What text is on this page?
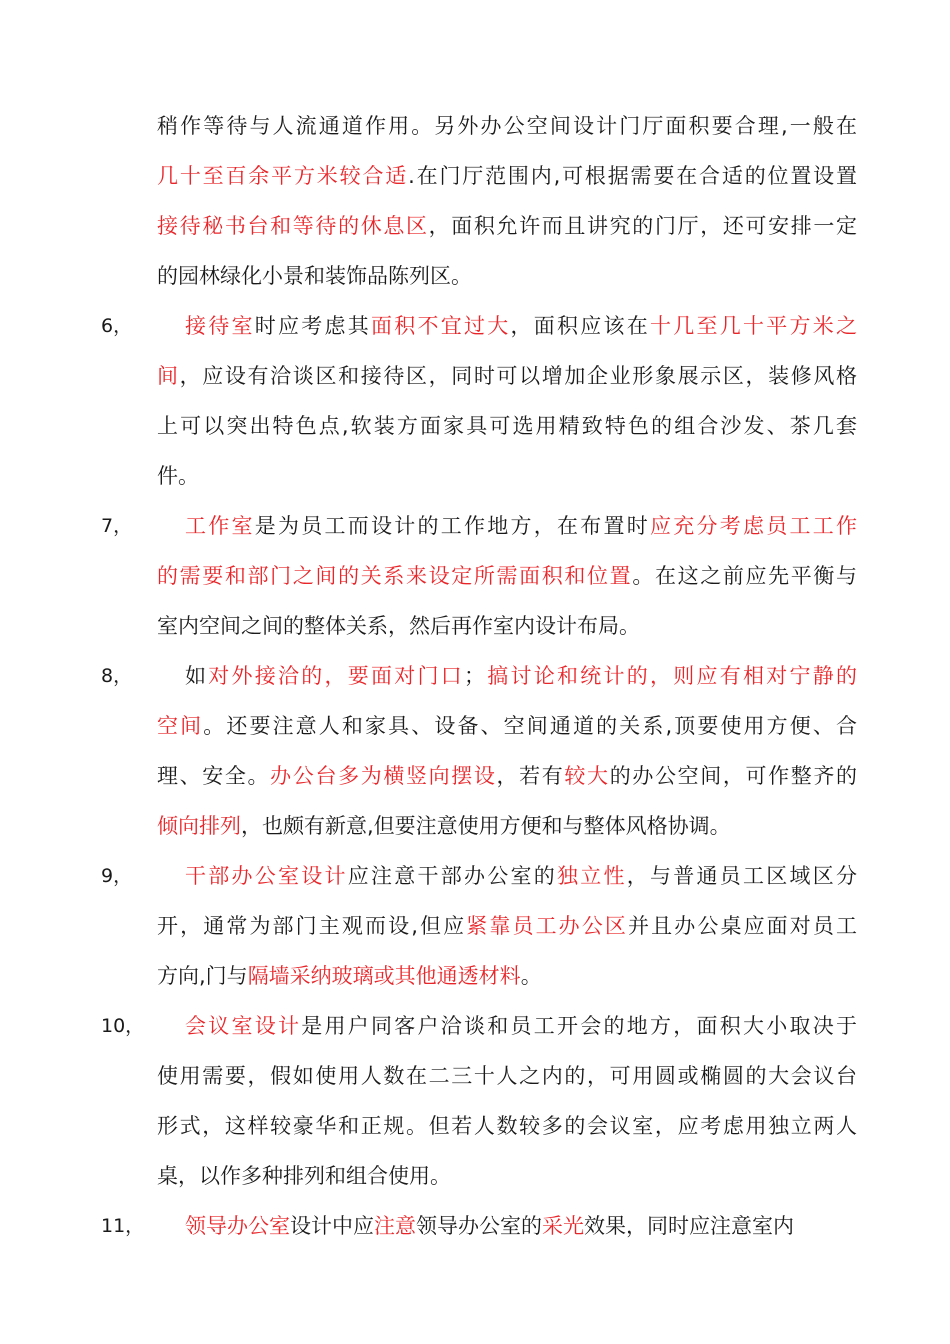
稍作等待与人流通道作用。另外办公空间设计门厅面积要合理,一般在
几十至百余平方米较合适.在门厅范围内,可根据需要在合适的位置设置
接待秘书台和等待的休息区，面积允许而且讲究的门厅，还可安排一定
的园林绿化小景和装饰品陈列区。
6，	接待室时应考虑其面积不宜过大，面积应该在十几至几十平方米之
间，应设有洽谈区和接待区，同时可以增加企业形象展示区，装修风格
上可以突出特色点,软装方面家具可选用精致特色的组合沙发、茶几套
件。
7，	工作室是为员工而设计的工作地方，在布置时应充分考虑员工工作
的需要和部门之间的关系来设定所需面积和位置。在这之前应先平衡与
室内空间之间的整体关系，然后再作室内设计布局。
8，	如对外接洽的，要面对门口；搞讨论和统计的，则应有相对宁静的
空间。还要注意人和家具、设备、空间通道的关系,顶要使用方便、合
理、安全。办公台多为横竖向摆设，若有较大的办公空间，可作整齐的
倾向排列，也颇有新意,但要注意使用方便和与整体风格协调。
9，	干部办公室设计应注意干部办公室的独立性，与普通员工区域区分
开，通常为部门主观而设,但应紧靠员工办公区并且办公桌应面对员工
方向,门与隔墙采纳玻璃或其他通透材料。
10，	会议室设计是用户同客户洽谈和员工开会的地方，面积大小取决于
使用需要，假如使用人数在二三十人之内的，可用圆或椭圆的大会议台
形式，这样较豪华和正规。但若人数较多的会议室，应考虑用独立两人
桌，以作多种排列和组合使用。
11，	领导办公室设计中应注意领导办公室的采光效果，同时应注意室内
